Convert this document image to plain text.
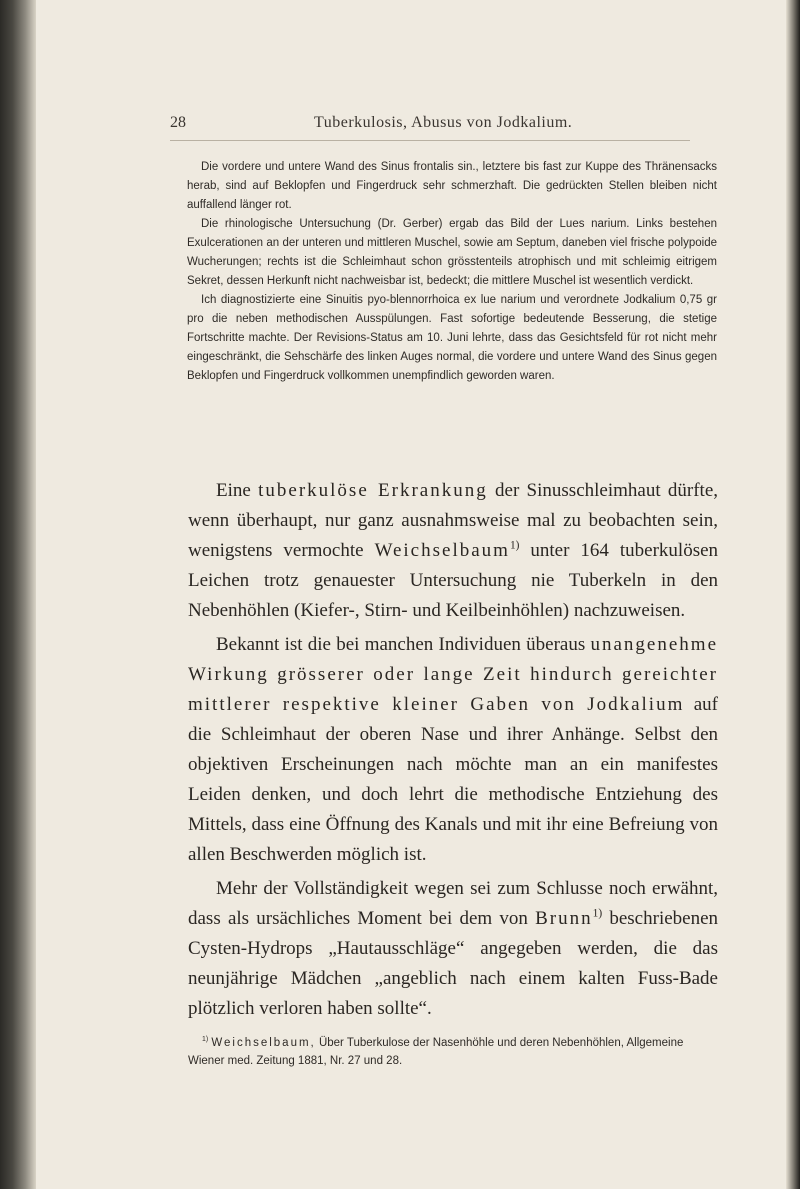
28	Tuberkulosis, Abusus von Jodkalium.

Die vordere und untere Wand des Sinus frontalis sin., letztere bis fast zur Kuppe des Thränensacks herab, sind auf Beklopfen und Fingerdruck sehr schmerzhaft. Die gedrückten Stellen bleiben nicht auffallend länger rot.

Die rhinologische Untersuchung (Dr. Gerber) ergab das Bild der Lues narium. Links bestehen Exulcerationen an der unteren und mittleren Muschel, sowie am Septum, daneben viel frische polypoide Wucherungen; rechts ist die Schleimhaut schon grösstenteils atrophisch und mit schleimig eitrigem Sekret, dessen Herkunft nicht nachweisbar ist, bedeckt; die mittlere Muschel ist wesentlich verdickt.

Ich diagnostizierte eine Sinuitis pyo-blennorrhoica ex lue narium und verordnete Jodkalium 0,75 gr pro die neben methodischen Ausspülungen. Fast sofortige bedeutende Besserung, die stetige Fortschritte machte. Der Revisions-Status am 10. Juni lehrte, dass das Gesichtsfeld für rot nicht mehr eingeschränkt, die Sehschärfe des linken Auges normal, die vordere und untere Wand des Sinus gegen Beklopfen und Fingerdruck vollkommen unempfindlich geworden waren.

Eine tuberkulöse Erkrankung der Sinusschleimhaut dürfte, wenn überhaupt, nur ganz ausnahmsweise mal zu beobachten sein, wenigstens vermochte Weichselbaum$^{1)}$ unter 164 tuberkulösen Leichen trotz genauester Untersuchung nie Tuberkeln in den Nebenhöhlen (Kiefer-, Stirn- und Keilbeinhöhlen) nachzuweisen.

Bekannt ist die bei manchen Individuen überaus unangenehme Wirkung grösserer oder lange Zeit hindurch gereichter mittlerer respektive kleiner Gaben von Jodkalium auf die Schleimhaut der oberen Nase und ihrer Anhänge. Selbst den objektiven Erscheinungen nach möchte man an ein manifestes Leiden denken, und doch lehrt die methodische Entziehung des Mittels, dass eine Öffnung des Kanals und mit ihr eine Befreiung von allen Beschwerden möglich ist.

Mehr der Vollständigkeit wegen sei zum Schlusse noch erwähnt, dass als ursächliches Moment bei dem von Brunn$^{1)}$ beschriebenen Cysten-Hydrops „Hautausschläge“ angegeben werden, die das neunjährige Mädchen „angeblich nach einem kalten Fuss-Bade plötzlich verloren haben sollte“.

$^{1)}$ Weichselbaum, Über Tuberkulose der Nasenhöhle und deren Nebenhöhlen, Allgemeine Wiener med. Zeitung 1881, Nr. 27 und 28.
